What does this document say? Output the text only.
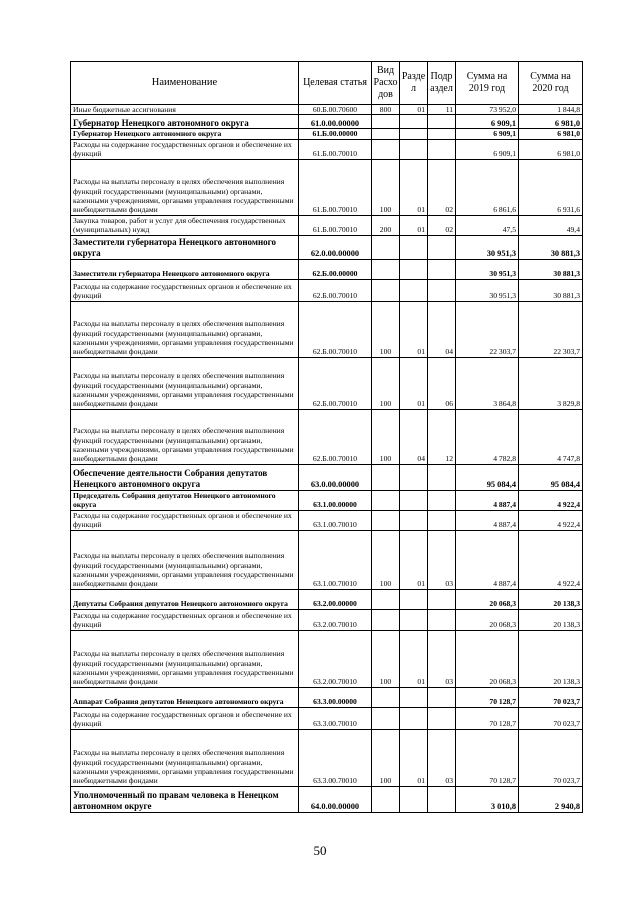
Наименование	Целевая статья	Вид Расхо дов	Разде л	Подр аздел	Сумма на 2019 год	Сумма на 2020 год
Иные бюджетные ассигнования	60.Б.00.70600	800	01	11	73 952,0	1 844,8
Губернатор Ненецкого автономного округа	61.0.00.00000				6 909,1	6 981,0
Губернатор Ненецкого автономного округа	61.Б.00.00000				6 909,1	6 981,0
Расходы на содержание государственных органов и обеспечение их функций	61.Б.00.70010				6 909,1	6 981,0
Расходы на выплаты персоналу в целях обеспечения выполнения функций государственными (муниципальными) органами, казенными учреждениями, органами управления государственными внебюджетными фондами	61.Б.00.70010	100	01	02	6 861,6	6 931,6
Закупка товаров, работ и услуг для обеспечения государственных (муниципальных) нужд	61.Б.00.70010	200	01	02	47,5	49,4
Заместители губернатора Ненецкого автономного округа	62.0.00.00000				30 951,3	30 881,3
Заместители губернатора Ненецкого автономного округа	62.Б.00.00000				30 951,3	30 881,3
Расходы на содержание государственных органов и обеспечение их функций	62.Б.00.70010				30 951,3	30 881,3
Расходы на выплаты персоналу в целях обеспечения выполнения функций государственными (муниципальными) органами, казенными учреждениями, органами управления государственными внебюджетными фондами	62.Б.00.70010	100	01	04	22 303,7	22 303,7
Расходы на выплаты персоналу в целях обеспечения выполнения функций государственными (муниципальными) органами, казенными учреждениями, органами управления государственными внебюджетными фондами	62.Б.00.70010	100	01	06	3 864,8	3 829,8
Расходы на выплаты персоналу в целях обеспечения выполнения функций государственными (муниципальными) органами, казенными учреждениями, органами управления государственными внебюджетными фондами	62.Б.00.70010	100	04	12	4 782,8	4 747,8
Обеспечение деятельности Собрания депутатов Ненецкого автономного округа	63.0.00.00000				95 084,4	95 084,4
Председатель Собрания депутатов Ненецкого автономного округа	63.1.00.00000				4 887,4	4 922,4
Расходы на содержание государственных органов и обеспечение их функций	63.1.00.70010				4 887,4	4 922,4
Расходы на выплаты персоналу в целях обеспечения выполнения функций государственными (муниципальными) органами, казенными учреждениями, органами управления государственными внебюджетными фондами	63.1.00.70010	100	01	03	4 887,4	4 922,4
Депутаты Собрания депутатов Ненецкого автономного округа	63.2.00.00000				20 068,3	20 138,3
Расходы на содержание государственных органов и обеспечение их функций	63.2.00.70010				20 068,3	20 138,3
Расходы на выплаты персоналу в целях обеспечения выполнения функций государственными (муниципальными) органами, казенными учреждениями, органами управления государственными внебюджетными фондами	63.2.00.70010	100	01	03	20 068,3	20 138,3
Аппарат Собрания депутатов Ненецкого автономного округа	63.3.00.00000				70 128,7	70 023,7
Расходы на содержание государственных органов и обеспечение их функций	63.3.00.70010				70 128,7	70 023,7
Расходы на выплаты персоналу в целях обеспечения выполнения функций государственными (муниципальными) органами, казенными учреждениями, органами управления государственными внебюджетными фондами	63.3.00.70010	100	01	03	70 128,7	70 023,7
Уполномоченный по правам человека в Ненецком автономном округе	64.0.00.00000				3 010,8	2 940,8
50
